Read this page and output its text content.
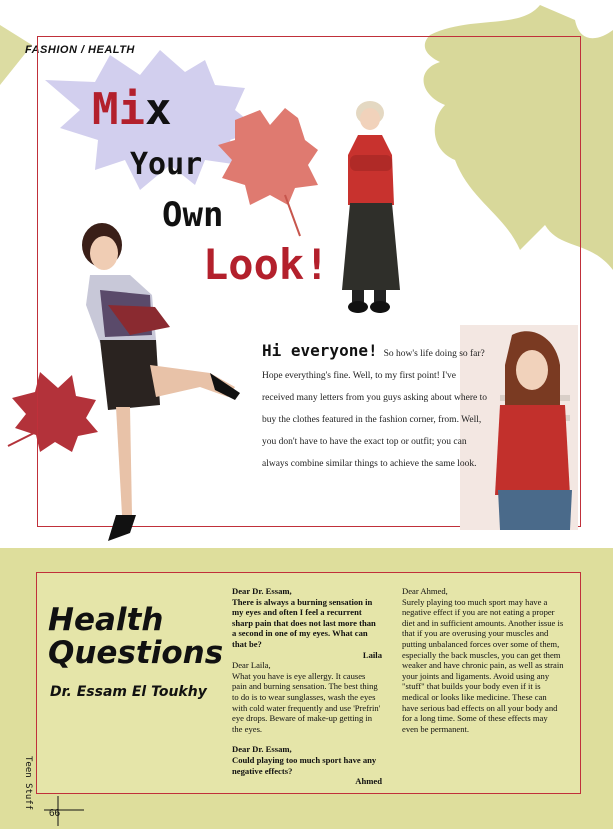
FASHION / HEALTH
Mix
Your
Own
Look!
Hi everyone! So how's life doing so far? Hope everything's fine. Well, to my first point! I've received many letters from you guys asking about where to buy the clothes featured in the fashion corner, from. Well, you don't have to have the exact top or outfit; you can always combine similar things to achieve the same look.
Health Questions
Dr. Essam El Toukhy

Dear Dr. Essam,

There is always a burning sensation in my eyes and often I feel a recurrent sharp pain that does not last more than a second in one of my eyes. What can that be?

Laila

Dear Laila,

What you have is eye allergy. It causes pain and burning sensation. The best thing to do is to wear sunglasses, wash the eyes with cold water frequently and use 'Prefrin' eye drops. Beware of make-up getting in the eyes.

Dear Dr. Essam,

Could playing too much sport have any negative effects?

Ahmed

Dear Ahmed,

Surely playing too much sport may have a negative effect if you are not eating a proper diet and in sufficient amounts. Another issue is that if you are overusing your muscles and putting unbalanced forces over some of them, especially the back muscles, you can get them weaker and have chronic pain, as well as strain your joints and ligaments. Avoid using any "stuff" that builds your body even if it is medical or looks like medicine. These can have serious bad effects on all your body and for a long time. Some of these effects may even be permanent.

Teen Stuff
66
